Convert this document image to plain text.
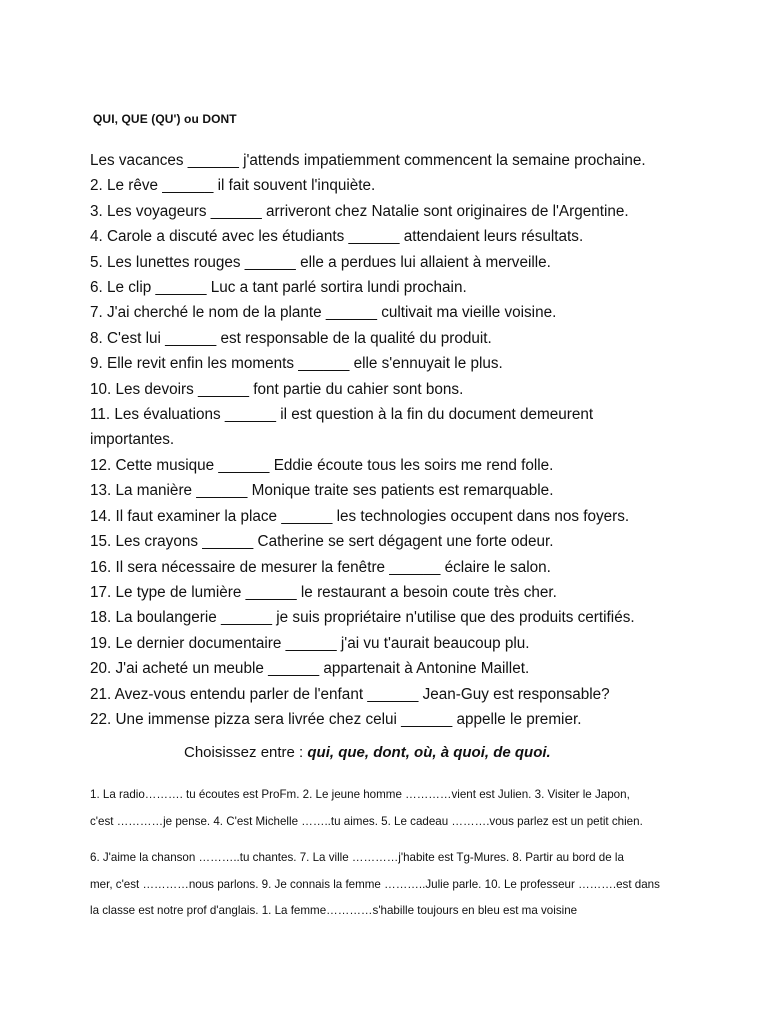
QUI, QUE (QU') ou DONT
Les vacances ______ j'attends impatiemment commencent la semaine prochaine.
2. Le rêve ______ il fait souvent l'inquiète.
3. Les voyageurs ______ arriveront chez Natalie sont originaires de l'Argentine.
4. Carole a discuté avec les étudiants ______ attendaient leurs résultats.
5. Les lunettes rouges ______ elle a perdues lui allaient à merveille.
6. Le clip ______ Luc a tant parlé sortira lundi prochain.
7. J'ai cherché le nom de la plante ______ cultivait ma vieille voisine.
8. C'est lui ______ est responsable de la qualité du produit.
9. Elle revit enfin les moments ______ elle s'ennuyait le plus.
10. Les devoirs ______ font partie du cahier sont bons.
11. Les évaluations ______ il est question à la fin du document demeurent
importantes.
12. Cette musique ______ Eddie écoute tous les soirs me rend folle.
13. La manière ______ Monique traite ses patients est remarquable.
14. Il faut examiner la place ______ les technologies occupent dans nos foyers.
15. Les crayons ______ Catherine se sert dégagent une forte odeur.
16. Il sera nécessaire de mesurer la fenêtre ______ éclaire le salon.
17. Le type de lumière ______ le restaurant a besoin coute très cher.
18. La boulangerie ______ je suis propriétaire n'utilise que des produits certifiés.
19. Le dernier documentaire ______ j'ai vu t'aurait beaucoup plu.
20. J'ai acheté un meuble ______ appartenait à Antonine Maillet.
21. Avez-vous entendu parler de l'enfant ______ Jean-Guy est responsable?
22. Une immense pizza sera livrée chez celui ______ appelle le premier.
Choisissez entre : qui, que, dont, où, à quoi, de quoi.
1. La radio………. tu écoutes est ProFm. 2. Le jeune homme …………vient est Julien. 3. Visiter le Japon,
c'est …………je pense. 4. C'est Michelle ……..tu aimes. 5. Le cadeau ……….vous parlez est un petit chien.
6. J'aime la chanson ………..tu chantes. 7. La ville …………j'habite est Tg-Mures. 8. Partir au bord de la
mer, c'est …………nous parlons. 9. Je connais la femme ………..Julie parle. 10. Le professeur ……….est dans
la classe est notre prof d'anglais. 1. La femme…………s'habille toujours en bleu est ma voisine
